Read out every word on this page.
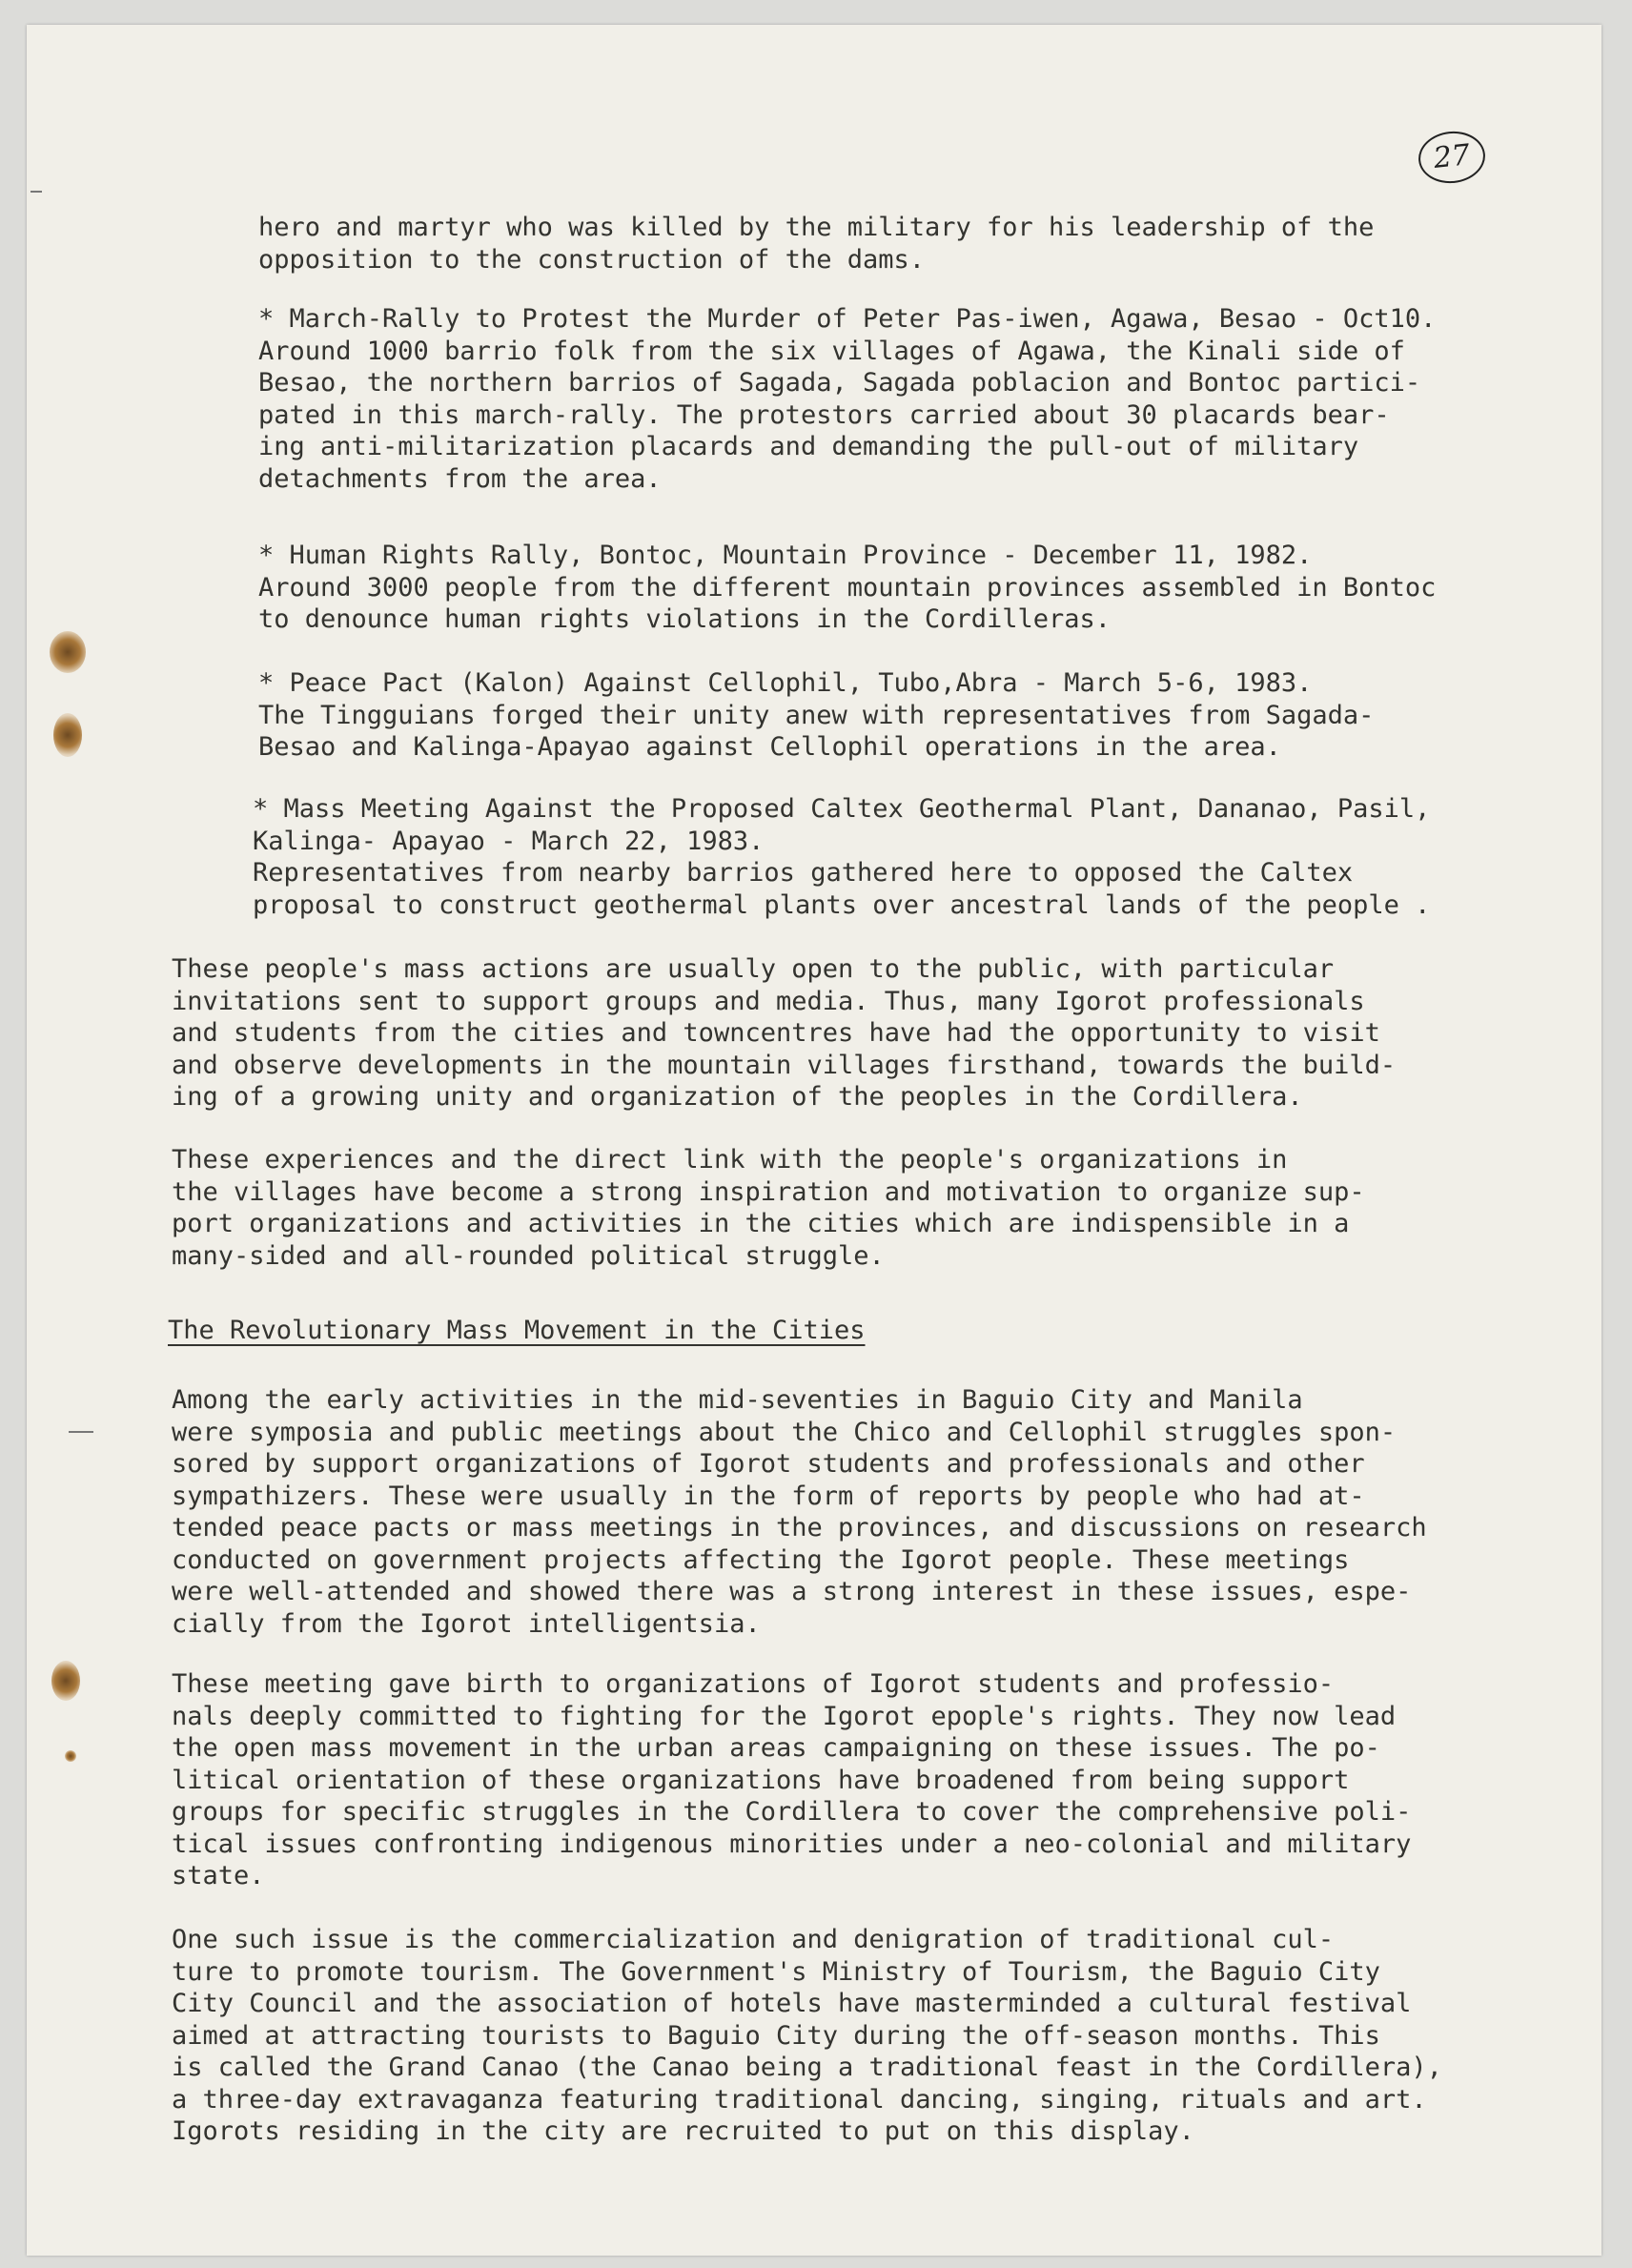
27
hero and martyr who was killed by the military for his leadership of the
opposition to the construction of the dams.
* March-Rally to Protest the Murder of Peter Pas-iwen, Agawa, Besao - Oct10.
Around 1000 barrio folk from the six villages of Agawa, the Kinali side of
Besao, the northern barrios of Sagada, Sagada poblacion and Bontoc partici-
pated in this march-rally. The protestors carried about 30 placards bear-
ing anti-militarization placards and demanding the pull-out of military
detachments from the area.
* Human Rights Rally, Bontoc, Mountain Province - December 11, 1982.
Around 3000 people from the different mountain provinces assembled in Bontoc
to denounce human rights violations in the Cordilleras.
* Peace Pact (Kalon) Against Cellophil, Tubo,Abra - March 5-6, 1983.
The Tingguians forged their unity anew with representatives from Sagada-
Besao and Kalinga-Apayao against Cellophil operations in the area.
* Mass Meeting Against the Proposed Caltex Geothermal Plant, Dananao, Pasil,
Kalinga- Apayao - March 22, 1983.
Representatives from nearby barrios gathered here to opposed the Caltex
proposal to construct geothermal plants over ancestral lands of the people .
These people's mass actions are usually open to the public, with particular
invitations sent to support groups and media. Thus, many Igorot professionals
and students from the cities and towncentres have had the opportunity to visit
and observe developments in the mountain villages firsthand, towards the build-
ing of a growing unity and organization of the peoples in the Cordillera.
These experiences and the direct link with the people's organizations in
the villages have become a strong inspiration and motivation to organize sup-
port organizations and activities in the cities which are indispensible in a
many-sided and all-rounded political struggle.
The Revolutionary Mass Movement in the Cities
Among the early activities in the mid-seventies in Baguio City and Manila
were symposia and public meetings about the Chico and Cellophil struggles spon-
sored by support organizations of Igorot students and professionals and other
sympathizers. These were usually in the form of reports by people who had at-
tended peace pacts or mass meetings in the provinces, and discussions on research
conducted on government projects affecting the Igorot people. These meetings
were well-attended and showed there was a strong interest in these issues, espe-
cially from the Igorot intelligentsia.
These meeting gave birth to organizations of Igorot students and professio-
nals deeply committed to fighting for the Igorot epople's rights. They now lead
the open mass movement in the urban areas campaigning on these issues. The po-
litical orientation of these organizations have broadened from being support
groups for specific struggles in the Cordillera to cover the comprehensive poli-
tical issues confronting indigenous minorities under a neo-colonial and military
state.
One such issue is the commercialization and denigration of traditional cul-
ture to promote tourism. The Government's Ministry of Tourism, the Baguio City
City Council and the association of hotels have masterminded a cultural festival
aimed at attracting tourists to Baguio City during the off-season months. This
is called the Grand Canao (the Canao being a traditional feast in the Cordillera),
a three-day extravaganza featuring traditional dancing, singing, rituals and art.
Igorots residing in the city are recruited to put on this display.
